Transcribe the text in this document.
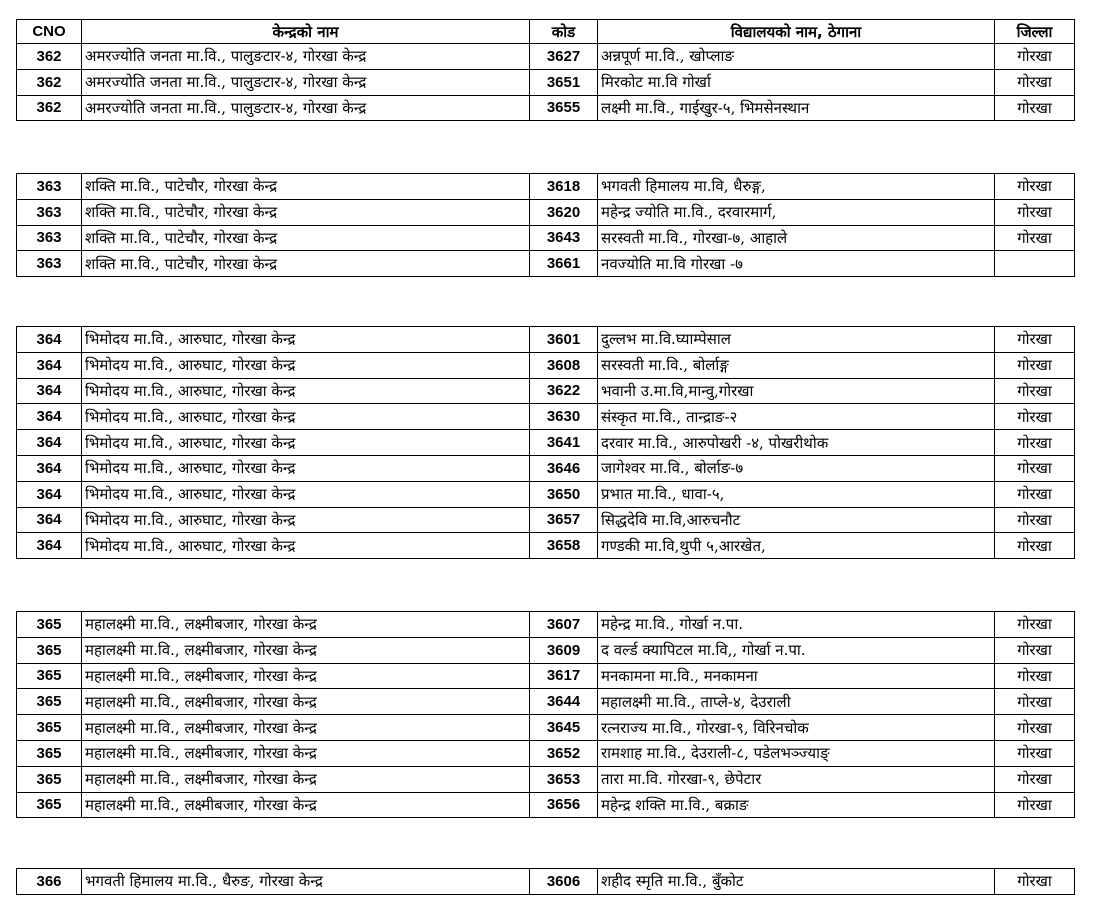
CNO	केन्द्रको नाम	कोड	विद्यालयको नाम, ठेगाना	जिल्ला
362	अमरज्योति जनता मा.वि., पालुङटार-४, गोरखा केन्द्र	3627	अन्नपूर्ण मा.वि., खोप्लाङ	गोरखा
362	अमरज्योति जनता मा.वि., पालुङटार-४, गोरखा केन्द्र	3651	मिरकोट मा.वि गोर्खा	गोरखा
362	अमरज्योति जनता मा.वि., पालुङटार-४, गोरखा केन्द्र	3655	लक्ष्मी मा.वि., गाईखुर-५, भिमसेनस्थान	गोरखा
363	शक्ति मा.वि., पाटेचौर, गोरखा केन्द्र	3618	भगवती हिमालय मा.वि, धैरुङ्ग,	गोरखा
363	शक्ति मा.वि., पाटेचौर, गोरखा केन्द्र	3620	महेन्द्र ज्योति मा.वि., दरवारमार्ग,	गोरखा
363	शक्ति मा.वि., पाटेचौर, गोरखा केन्द्र	3643	सरस्वती मा.वि., गोरखा-७, आहाले	गोरखा
363	शक्ति मा.वि., पाटेचौर, गोरखा केन्द्र	3661	नवज्योति मा.वि गोरखा -७	
364	भिमोदय मा.वि., आरुघाट, गोरखा केन्द्र	3601	दुल्लभ मा.वि.घ्याम्पेसाल	गोरखा
364	भिमोदय मा.वि., आरुघाट, गोरखा केन्द्र	3608	सरस्वती मा.वि., बोर्लाङ्ग	गोरखा
364	भिमोदय मा.वि., आरुघाट, गोरखा केन्द्र	3622	भवानी उ.मा.वि,मान्वु,गोरखा	गोरखा
364	भिमोदय मा.वि., आरुघाट, गोरखा केन्द्र	3630	संस्कृत मा.वि., तान्द्राङ-२	गोरखा
364	भिमोदय मा.वि., आरुघाट, गोरखा केन्द्र	3641	दरवार मा.वि., आरुपोखरी -४, पोखरीथोक	गोरखा
364	भिमोदय मा.वि., आरुघाट, गोरखा केन्द्र	3646	जागेश्वर मा.वि., बोर्लाङ-७	गोरखा
364	भिमोदय मा.वि., आरुघाट, गोरखा केन्द्र	3650	प्रभात मा.वि., धावा-५,	गोरखा
364	भिमोदय मा.वि., आरुघाट, गोरखा केन्द्र	3657	सिद्धदेवि मा.वि,आरुचनौट	गोरखा
364	भिमोदय मा.वि., आरुघाट, गोरखा केन्द्र	3658	गण्डकी मा.वि,थुपी ५,आरखेत,	गोरखा
365	महालक्ष्मी मा.वि., लक्ष्मीबजार, गोरखा केन्द्र	3607	महेन्द्र मा.वि., गोर्खा न.पा.	गोरखा
365	महालक्ष्मी मा.वि., लक्ष्मीबजार, गोरखा केन्द्र	3609	द वर्ल्ड क्यापिटल मा.वि,, गोर्खा न.पा.	गोरखा
365	महालक्ष्मी मा.वि., लक्ष्मीबजार, गोरखा केन्द्र	3617	मनकामना मा.वि., मनकामना	गोरखा
365	महालक्ष्मी मा.वि., लक्ष्मीबजार, गोरखा केन्द्र	3644	महालक्ष्मी मा.वि., ताप्ले-४, देउराली	गोरखा
365	महालक्ष्मी मा.वि., लक्ष्मीबजार, गोरखा केन्द्र	3645	रत्नराज्य मा.वि., गोरखा-९, विरिनचोक	गोरखा
365	महालक्ष्मी मा.वि., लक्ष्मीबजार, गोरखा केन्द्र	3652	रामशाह मा.वि., देउराली-८, पडेलभञ्ज्याङ्	गोरखा
365	महालक्ष्मी मा.वि., लक्ष्मीबजार, गोरखा केन्द्र	3653	तारा मा.वि. गोरखा-९, छेपेटार	गोरखा
365	महालक्ष्मी मा.वि., लक्ष्मीबजार, गोरखा केन्द्र	3656	महेन्द्र शक्ति मा.वि., बक्राङ	गोरखा
366	भगवती हिमालय मा.वि., धैरुङ, गोरखा केन्द्र	3606	शहीद स्मृति मा.वि., बुँकोट	गोरखा
